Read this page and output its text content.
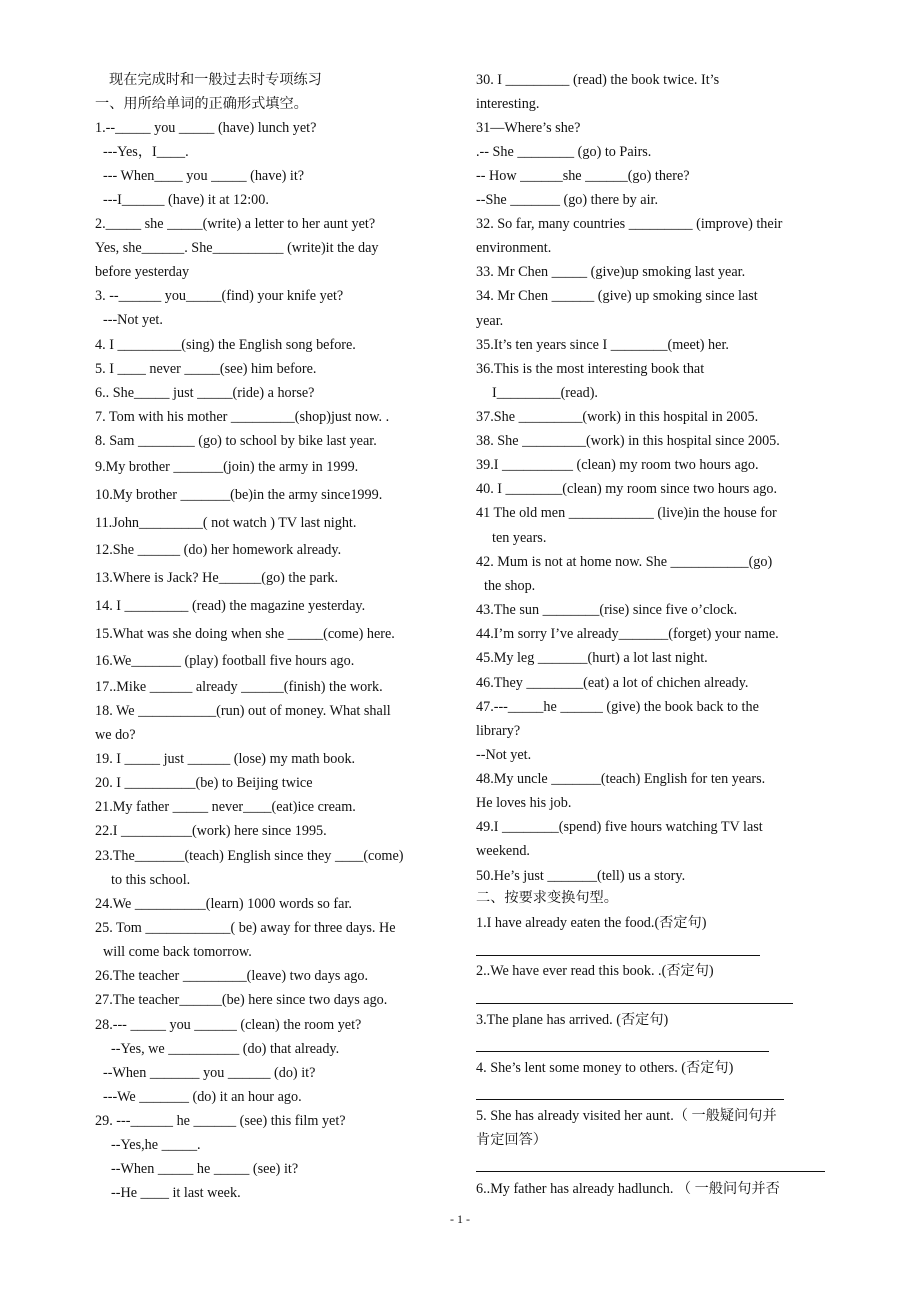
现在完成时和一般过去时专项练习
一、用所给单词的正确形式填空。
1.--_____ you _____ (have) lunch yet?
---Yes，I____.
--- When____ you _____ (have) it?
---I______ (have) it at 12:00.
2._____ she _____(write) a letter to her aunt yet?
Yes, she______. She__________ (write)it the day
before yesterday
3. --______ you_____(find) your knife yet?
---Not yet.
4. I _________(sing) the English song before.
5. I ____ never _____(see) him before.
6.. She_____ just _____(ride) a horse?
7. Tom with his mother _________(shop)just now. .
8. Sam ________ (go) to school by bike last year.
9.My brother _______(join) the army in 1999.
10.My brother _______(be)in the army since1999.
11.John_________( not watch ) TV last night.
12.She ______ (do) her homework already.
13.Where is Jack? He______(go) the park.
14. I _________ (read) the magazine yesterday.
15.What was she doing when she _____(come) here.
16.We_______ (play) football five hours ago.
17..Mike ______ already ______(finish) the work.
18. We ___________(run) out of money. What shall
we do?
19. I _____ just ______ (lose) my math book.
20. I __________(be) to Beijing twice
21.My father _____ never____(eat)ice cream.
22.I __________(work) here since 1995.
23.The_______(teach) English since they ____(come)
to this school.
24.We __________(learn) 1000 words so far.
25. Tom ____________( be) away for three days. He
will come back tomorrow.
26.The teacher _________(leave) two days ago.
27.The teacher______(be) here since two days ago.
28.--- _____ you ______ (clean) the room yet?
--Yes, we __________ (do) that already.
--When _______ you ______ (do) it?
---We _______ (do) it an hour ago.
29. ---______ he ______ (see) this film yet?
--Yes,he _____.
--When _____ he _____ (see) it?
--He ____ it last week.
30. I _________ (read) the book twice. It’s
interesting.
31—Where’s she?
.-- She ________ (go) to Pairs.
-- How ______she ______(go) there?
--She _______ (go) there by air.
32. So far, many countries _________ (improve) their
environment.
33. Mr Chen _____ (give)up smoking last year.
34. Mr Chen ______ (give) up smoking since last
year.
35.It’s ten years since I ________(meet) her.
36.This is the most interesting book that
I_________(read).
37.She _________(work) in this hospital in 2005.
38. She _________(work) in this hospital since 2005.
39.I __________ (clean) my room two hours ago.
40. I ________(clean) my room since two hours ago.
41 The old men ____________ (live)in the house for
ten years.
42. Mum is not at home now. She ___________(go)
the shop.
43.The sun ________(rise) since five o’clock.
44.I’m sorry I’ve already_______(forget) your name.
45.My leg _______(hurt) a lot last night.
46.They ________(eat) a lot of chichen already.
47.---_____he ______ (give) the book back to the
library?
--Not yet.
48.My uncle _______(teach) English for ten years.
He loves his job.
49.I ________(spend) five hours watching TV last
weekend.
50.He’s just _______(tell) us a story.
二、按要求变换句型。
1.I have already eaten the food.(否定句)
2..We have ever read this book. .(否定句)
3.The plane has arrived. (否定句)
4. She’s lent some money to others. (否定句)
5. She has already visited her aunt.（ 一般疑问句并
肯定回答）
6..My father has already hadlunch. （ 一般问句并否
- 1 -
